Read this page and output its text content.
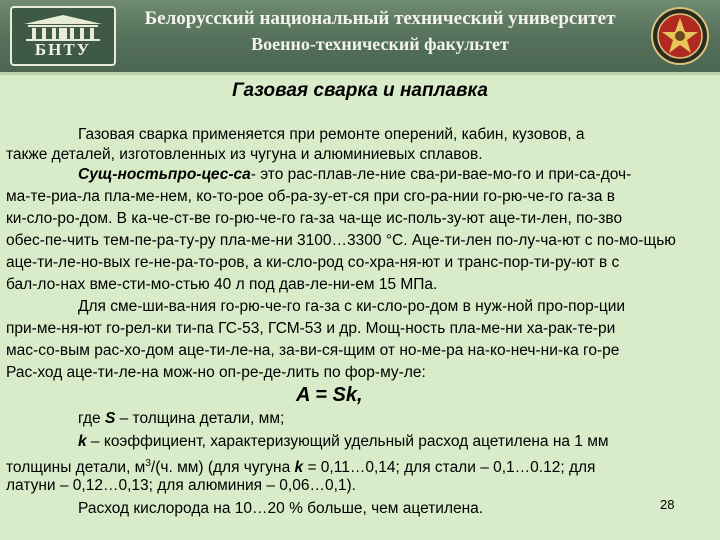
БНТУ
Белорусский национальный технический университет
Военно-технический факультет
Газовая сварка и наплавка
Газовая сварка применяется при ремонте оперений, кабин, кузовов, а
также деталей, изготовленных из чугуна и алюминиевых сплавов.
Сущ-ностьпро-цес-са- это рас-плав-ле-ние сва-ри-вае-мо-го и при-са-доч-
ма-те-риа-ла пла-ме-нем, ко-то-рое об-ра-зу-ет-ся при сго-ра-нии го-рю-че-го га-за в
ки-сло-ро-дом. В ка-че-ст-ве го-рю-че-го га-за ча-ще ис-поль-зу-ют аце-ти-лен, по-зво
обес-пе-чить тем-пе-ра-ту-ру пла-ме-ни 3100…3300 °C. Аце-ти-лен по-лу-ча-ют с по-мо-щью
аце-ти-ле-но-вых ге-не-ра-то-ров, а ки-сло-род со-хра-ня-ют и транс-пор-ти-ру-ют в с
бал-ло-нах вме-сти-мо-стью 40 л под дав-ле-ни-ем 15 МПа.
Для сме-ши-ва-ния го-рю-че-го га-за с ки-сло-ро-дом в нуж-ной про-пор-ции
при-ме-ня-ют го-рел-ки ти-па ГС-53, ГСМ-53 и др. Мощ-ность пла-ме-ни ха-рак-те-ри
мас-со-вым рас-хо-дом аце-ти-ле-на, за-ви-ся-щим от но-ме-ра на-ко-неч-ни-ка го-ре
Рас-ход аце-ти-ле-на мож-но оп-ре-де-лить по фор-му-ле:
A = Sk,
где S – толщина детали, мм;
k – коэффициент, характеризующий удельный расход ацетилена на 1 мм
толщины детали, $м^3/(ч$. мм) (для чугуна k = 0,11…0,14; для стали – 0,1…0.12; для
латуни – 0,12…0,13; для алюминия – 0,06…0,1).
Расход кислорода на 10…20 % больше, чем ацетилена.	28
